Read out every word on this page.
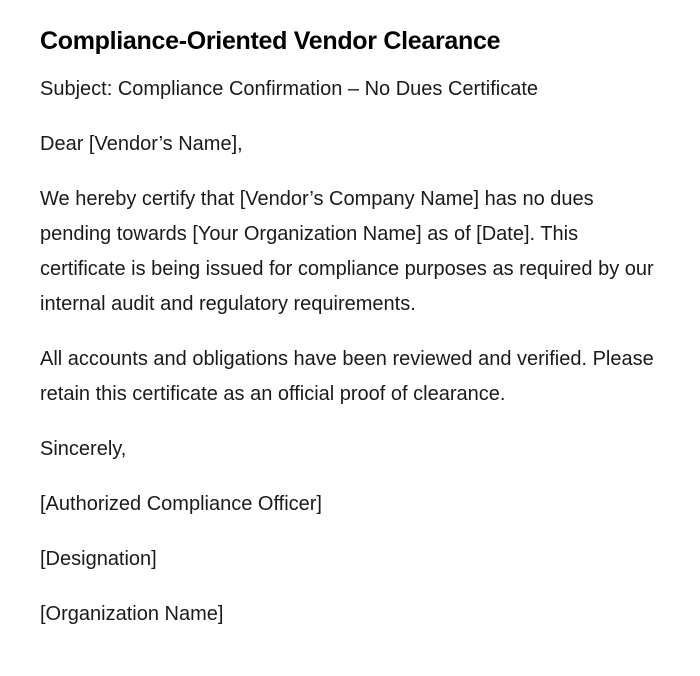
Compliance-Oriented Vendor Clearance

Subject: Compliance Confirmation – No Dues Certificate

Dear [Vendor’s Name],

We hereby certify that [Vendor’s Company Name] has no dues pending towards [Your Organization Name] as of [Date]. This certificate is being issued for compliance purposes as required by our internal audit and regulatory requirements.

All accounts and obligations have been reviewed and verified. Please retain this certificate as an official proof of clearance.

Sincerely,

[Authorized Compliance Officer]

[Designation]

[Organization Name]
